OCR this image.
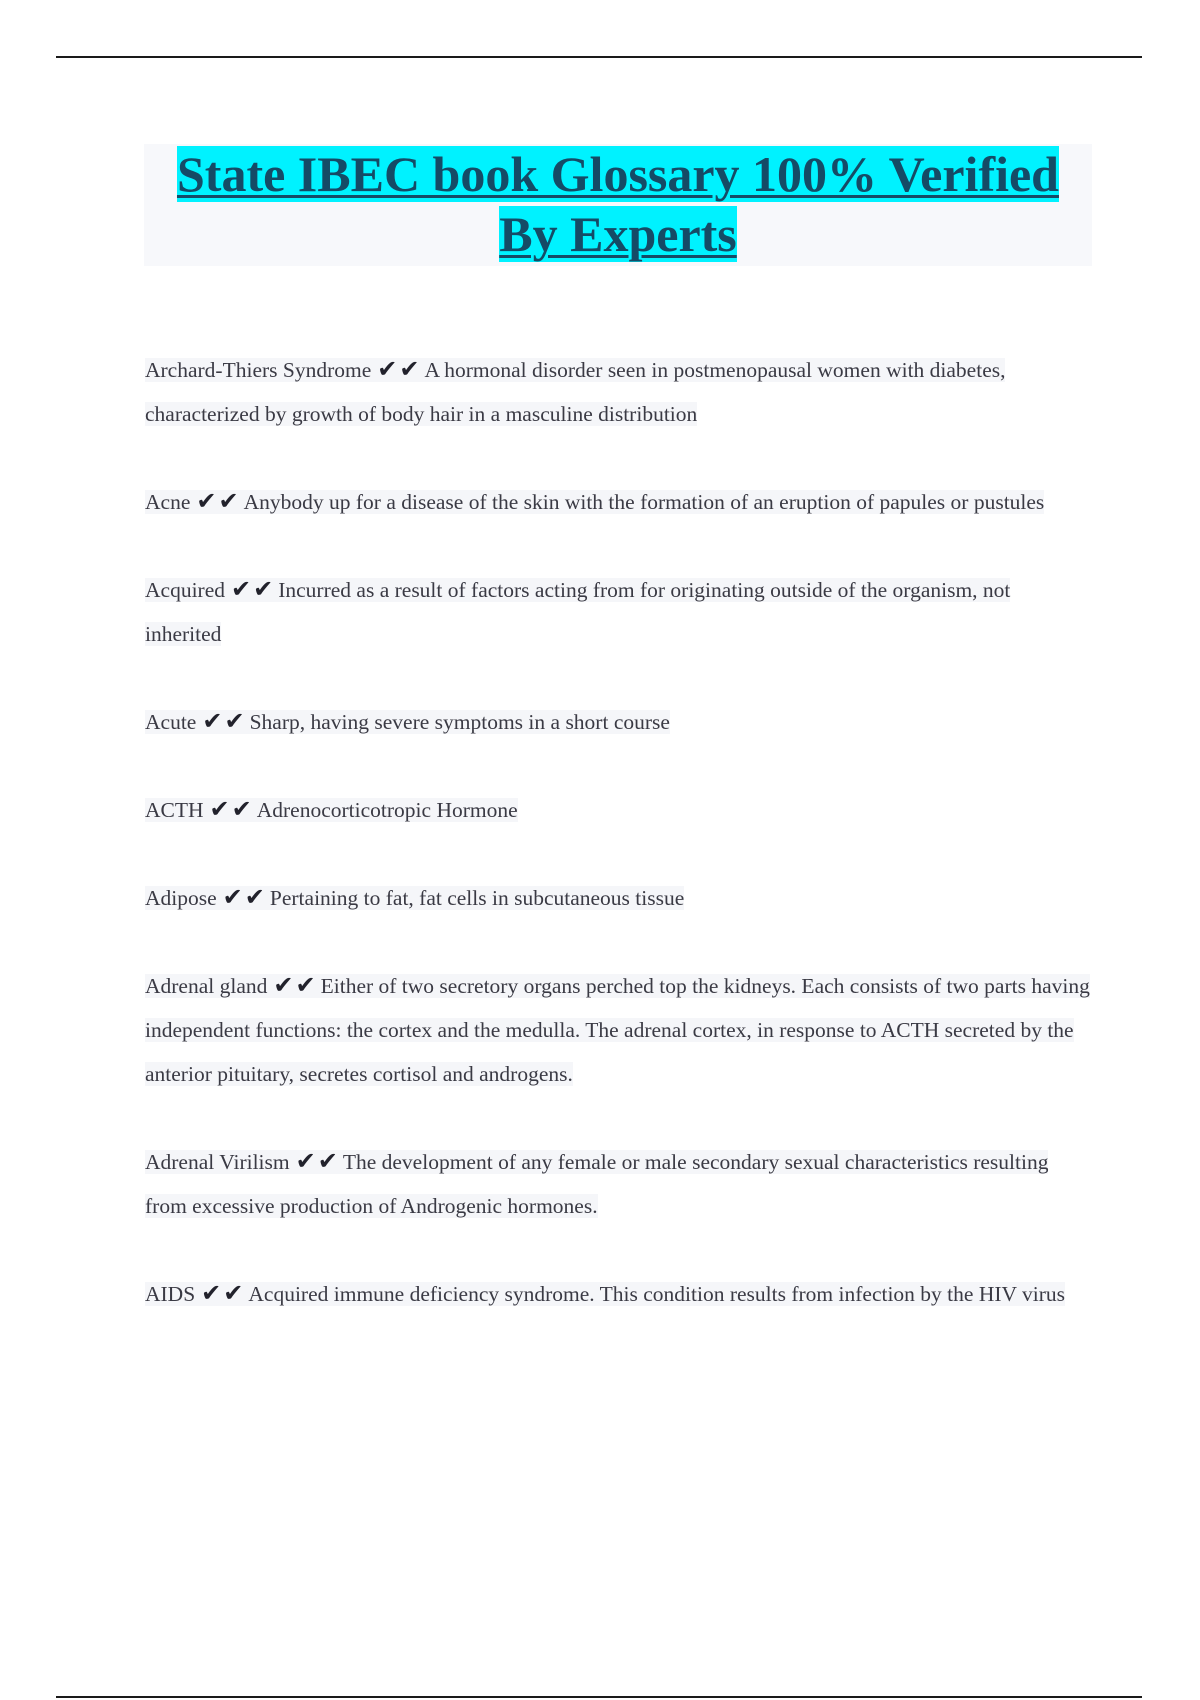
State IBEC book Glossary 100% Verified By Experts
Archard-Thiers Syndrome ✔✔ A hormonal disorder seen in postmenopausal women with diabetes, characterized by growth of body hair in a masculine distribution
Acne ✔✔ Anybody up for a disease of the skin with the formation of an eruption of papules or pustules
Acquired ✔✔ Incurred as a result of factors acting from for originating outside of the organism, not inherited
Acute ✔✔ Sharp, having severe symptoms in a short course
ACTH ✔✔ Adrenocorticotropic Hormone
Adipose ✔✔ Pertaining to fat, fat cells in subcutaneous tissue
Adrenal gland ✔✔ Either of two secretory organs perched top the kidneys. Each consists of two parts having independent functions: the cortex and the medulla. The adrenal cortex, in response to ACTH secreted by the anterior pituitary, secretes cortisol and androgens.
Adrenal Virilism ✔✔ The development of any female or male secondary sexual characteristics resulting from excessive production of Androgenic hormones.
AIDS ✔✔ Acquired immune deficiency syndrome. This condition results from infection by the HIV virus
